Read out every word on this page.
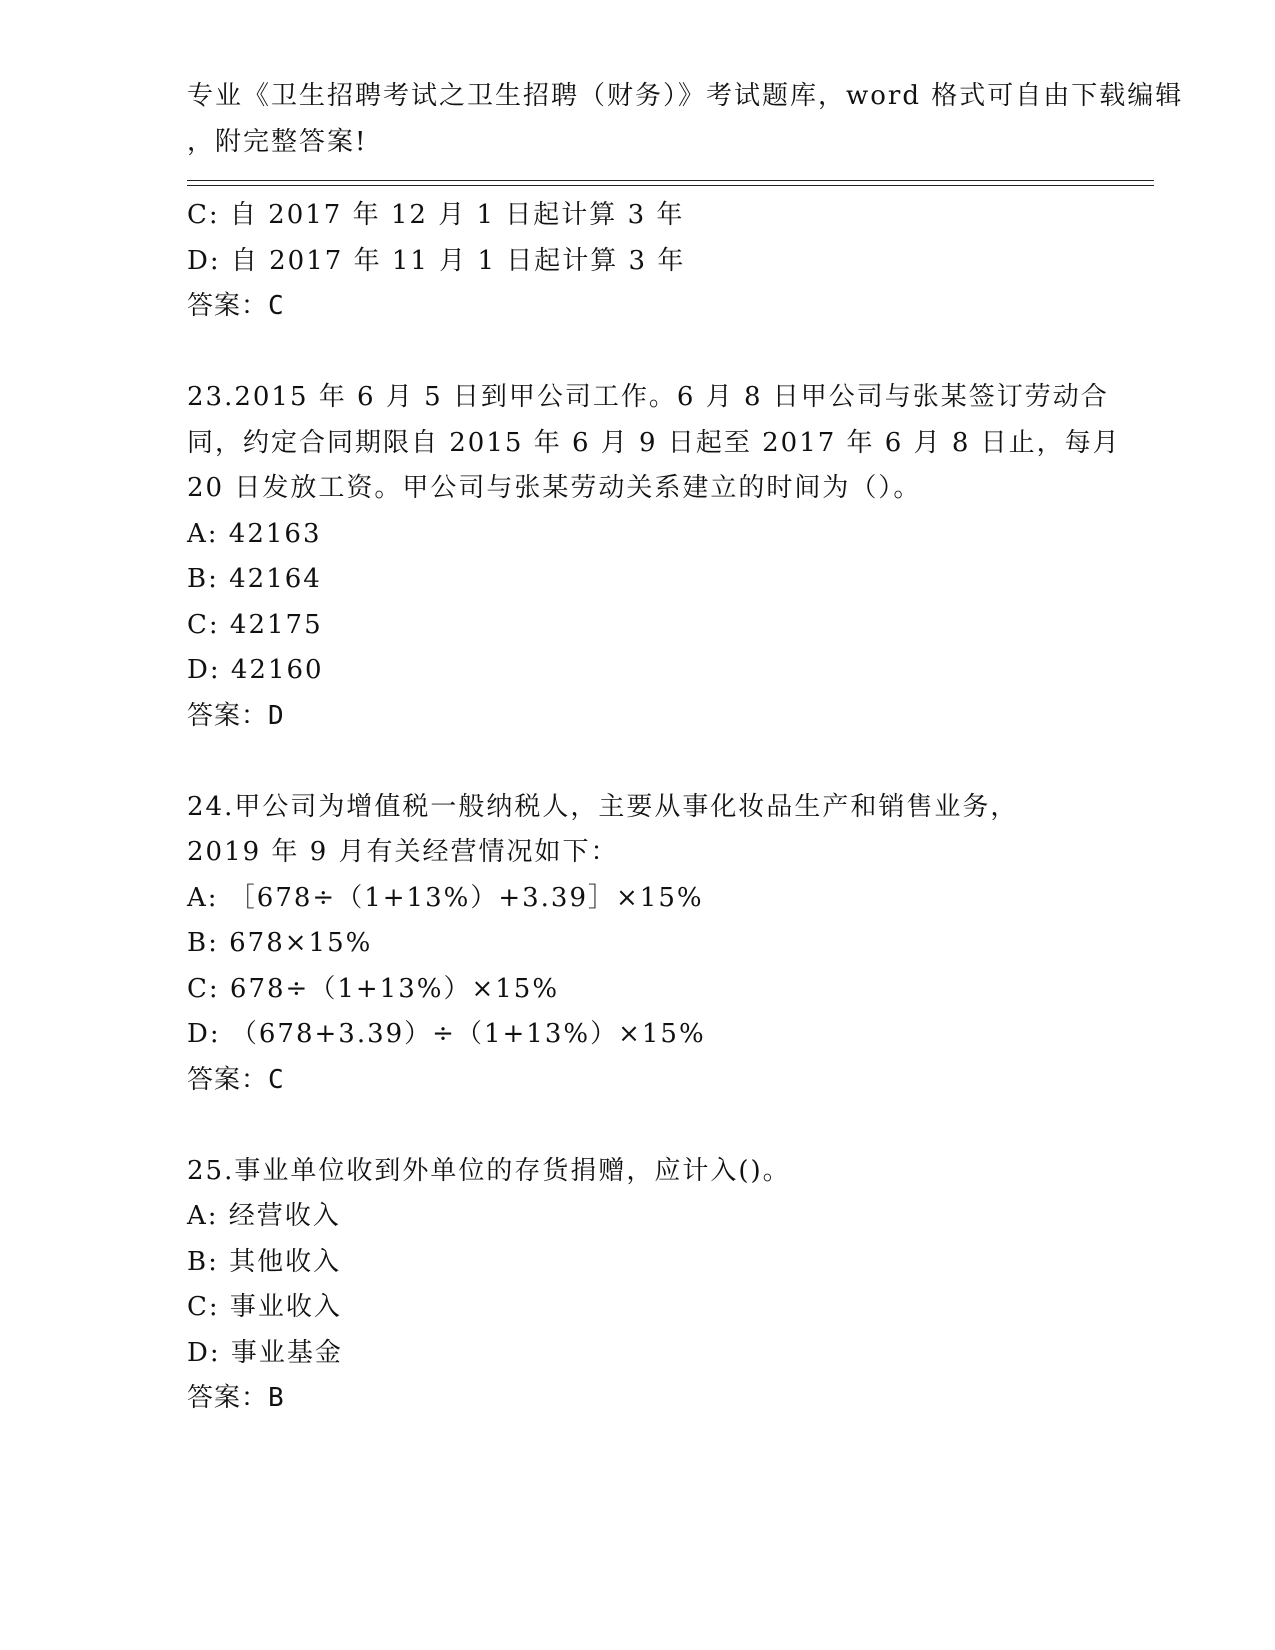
专业《卫生招聘考试之卫生招聘（财务）》考试题库，word 格式可自由下载编辑
，附完整答案!
C: 自 2017 年 12 月 1 日起计算 3 年
D: 自 2017 年 11 月 1 日起计算 3 年
答案：C
23.2015 年 6 月 5 日到甲公司工作。6 月 8 日甲公司与张某签订劳动合
同，约定合同期限自 2015 年 6 月 9 日起至 2017 年 6 月 8 日止，每月
20 日发放工资。甲公司与张某劳动关系建立的时间为（）。
A: 42163
B: 42164
C: 42175
D: 42160
答案：D
24.甲公司为增值税一般纳税人，主要从事化妆品生产和销售业务，
2019 年 9 月有关经营情况如下：
A: ［678÷（1+13%）+3.39］×15%
B: 678×15%
C: 678÷（1+13%）×15%
D: （678+3.39）÷（1+13%）×15%
答案：C
25.事业单位收到外单位的存货捐赠，应计入()。
A: 经营收入
B: 其他收入
C: 事业收入
D: 事业基金
答案：B
